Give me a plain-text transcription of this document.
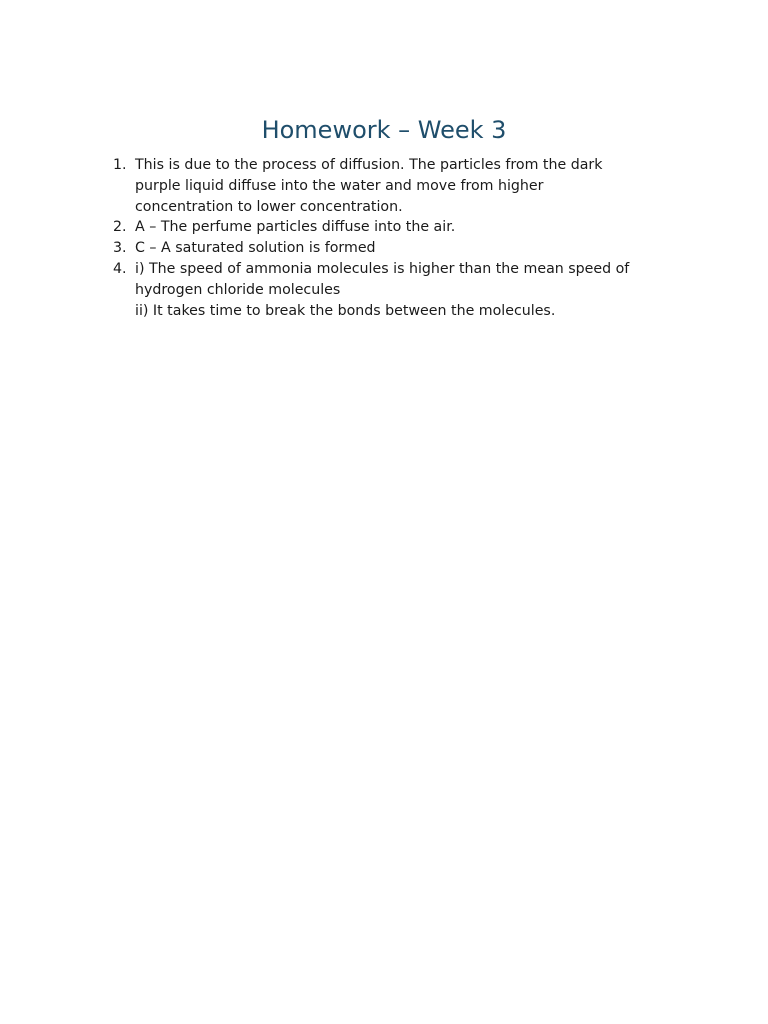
Homework – Week 3
1. This is due to the process of diffusion. The particles from the dark
purple liquid diffuse into the water and move from higher
concentration to lower concentration.
2. A – The perfume particles diffuse into the air.
3. C – A saturated solution is formed
4. i) The speed of ammonia molecules is higher than the mean speed of
hydrogen chloride molecules
ii) It takes time to break the bonds between the molecules.
